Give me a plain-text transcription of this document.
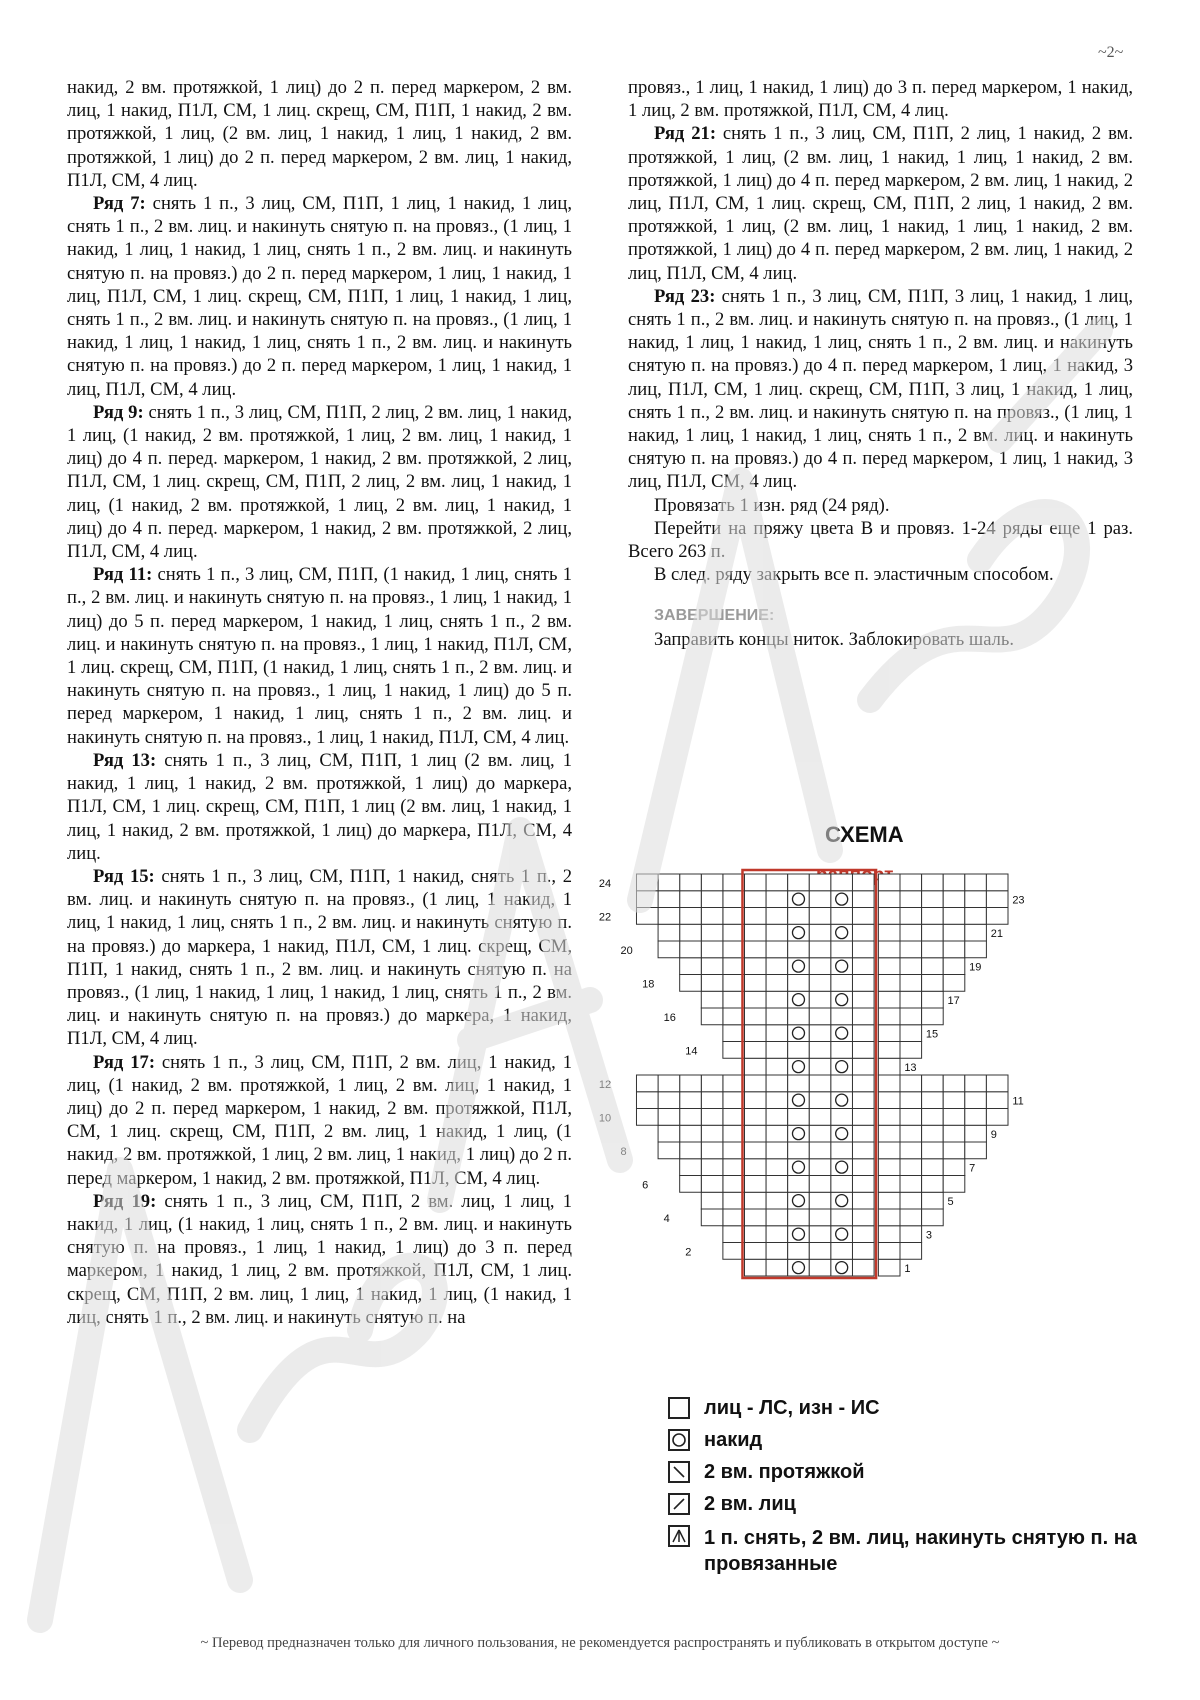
~2~

накид, 2 вм. протяжкой, 1 лиц) до 2 п. перед маркером, 2 вм. лиц, 1 накид, П1Л, СМ, 1 лиц. скрещ, СМ, П1П, 1 накид, 2 вм. протяжкой, 1 лиц, (2 вм. лиц, 1 накид, 1 лиц, 1 накид, 2 вм. протяжкой, 1 лиц) до 2 п. перед маркером, 2 вм. лиц, 1 накид, П1Л, СМ, 4 лиц.

Ряд 7: снять 1 п., 3 лиц, СМ, П1П, 1 лиц, 1 накид, 1 лиц, снять 1 п., 2 вм. лиц. и накинуть снятую п. на провяз., (1 лиц, 1 накид, 1 лиц, 1 накид, 1 лиц, снять 1 п., 2 вм. лиц. и накинуть снятую п. на провяз.) до 2 п. перед маркером, 1 лиц, 1 накид, 1 лиц, П1Л, СМ, 1 лиц. скрещ, СМ, П1П, 1 лиц, 1 накид, 1 лиц, снять 1 п., 2 вм. лиц. и накинуть снятую п. на провяз., (1 лиц, 1 накид, 1 лиц, 1 накид, 1 лиц, снять 1 п., 2 вм. лиц. и накинуть снятую п. на провяз.) до 2 п. перед маркером, 1 лиц, 1 накид, 1 лиц, П1Л, СМ, 4 лиц.

Ряд 9: снять 1 п., 3 лиц, СМ, П1П, 2 лиц, 2 вм. лиц, 1 накид, 1 лиц, (1 накид, 2 вм. протяжкой, 1 лиц, 2 вм. лиц, 1 накид, 1 лиц) до 4 п. перед. маркером, 1 накид, 2 вм. протяжкой, 2 лиц, П1Л, СМ, 1 лиц. скрещ, СМ, П1П, 2 лиц, 2 вм. лиц, 1 накид, 1 лиц, (1 накид, 2 вм. протяжкой, 1 лиц, 2 вм. лиц, 1 накид, 1 лиц) до 4 п. перед. маркером, 1 накид, 2 вм. протяжкой, 2 лиц, П1Л, СМ, 4 лиц.

Ряд 11: снять 1 п., 3 лиц, СМ, П1П, (1 накид, 1 лиц, снять 1 п., 2 вм. лиц. и накинуть снятую п. на провяз., 1 лиц, 1 накид, 1 лиц) до 5 п. перед маркером, 1 накид, 1 лиц, снять 1 п., 2 вм. лиц. и накинуть снятую п. на провяз., 1 лиц, 1 накид, П1Л, СМ, 1 лиц. скрещ, СМ, П1П, (1 накид, 1 лиц, снять 1 п., 2 вм. лиц. и накинуть снятую п. на провяз., 1 лиц, 1 накид, 1 лиц) до 5 п. перед маркером, 1 накид, 1 лиц, снять 1 п., 2 вм. лиц. и накинуть снятую п. на провяз., 1 лиц, 1 накид, П1Л, СМ, 4 лиц.

Ряд 13: снять 1 п., 3 лиц, СМ, П1П, 1 лиц (2 вм. лиц, 1 накид, 1 лиц, 1 накид, 2 вм. протяжкой, 1 лиц) до маркера, П1Л, СМ, 1 лиц. скрещ, СМ, П1П, 1 лиц (2 вм. лиц, 1 накид, 1 лиц, 1 накид, 2 вм. протяжкой, 1 лиц) до маркера, П1Л, СМ, 4 лиц.

Ряд 15: снять 1 п., 3 лиц, СМ, П1П, 1 накид, снять 1 п., 2 вм. лиц. и накинуть снятую п. на провяз., (1 лиц, 1 накид, 1 лиц, 1 накид, 1 лиц, снять 1 п., 2 вм. лиц. и накинуть снятую п. на провяз.) до маркера, 1 накид, П1Л, СМ, 1 лиц. скрещ, СМ, П1П, 1 накид, снять 1 п., 2 вм. лиц. и накинуть снятую п. на провяз., (1 лиц, 1 накид, 1 лиц, 1 накид, 1 лиц, снять 1 п., 2 вм. лиц. и накинуть снятую п. на провяз.) до маркера, 1 накид, П1Л, СМ, 4 лиц.

Ряд 17: снять 1 п., 3 лиц, СМ, П1П, 2 вм. лиц, 1 накид, 1 лиц, (1 накид, 2 вм. протяжкой, 1 лиц, 2 вм. лиц, 1 накид, 1 лиц) до 2 п. перед маркером, 1 накид, 2 вм. протяжкой, П1Л, СМ, 1 лиц. скрещ, СМ, П1П, 2 вм. лиц, 1 накид, 1 лиц, (1 накид, 2 вм. протяжкой, 1 лиц, 2 вм. лиц, 1 накид, 1 лиц) до 2 п. перед маркером, 1 накид, 2 вм. протяжкой, П1Л, СМ, 4 лиц.

Ряд 19: снять 1 п., 3 лиц, СМ, П1П, 2 вм. лиц, 1 лиц, 1 накид, 1 лиц, (1 накид, 1 лиц, снять 1 п., 2 вм. лиц. и накинуть снятую п. на провяз., 1 лиц, 1 накид, 1 лиц) до 3 п. перед маркером, 1 накид, 1 лиц, 2 вм. протяжкой, П1Л, СМ, 1 лиц. скрещ, СМ, П1П, 2 вм. лиц, 1 лиц, 1 накид, 1 лиц, (1 накид, 1 лиц, снять 1 п., 2 вм. лиц. и накинуть снятую п. на

провяз., 1 лиц, 1 накид, 1 лиц) до 3 п. перед маркером, 1 накид, 1 лиц, 2 вм. протяжкой, П1Л, СМ, 4 лиц.

Ряд 21: снять 1 п., 3 лиц, СМ, П1П, 2 лиц, 1 накид, 2 вм. протяжкой, 1 лиц, (2 вм. лиц, 1 накид, 1 лиц, 1 накид, 2 вм. протяжкой, 1 лиц) до 4 п. перед маркером, 2 вм. лиц, 1 накид, 2 лиц, П1Л, СМ, 1 лиц. скрещ, СМ, П1П, 2 лиц, 1 накид, 2 вм. протяжкой, 1 лиц, (2 вм. лиц, 1 накид, 1 лиц, 1 накид, 2 вм. протяжкой, 1 лиц) до 4 п. перед маркером, 2 вм. лиц, 1 накид, 2 лиц, П1Л, СМ, 4 лиц.

Ряд 23: снять 1 п., 3 лиц, СМ, П1П, 3 лиц, 1 накид, 1 лиц, снять 1 п., 2 вм. лиц. и накинуть снятую п. на провяз., (1 лиц, 1 накид, 1 лиц, 1 накид, 1 лиц, снять 1 п., 2 вм. лиц. и накинуть снятую п. на провяз.) до 4 п. перед маркером, 1 лиц, 1 накид, 3 лиц, П1Л, СМ, 1 лиц. скрещ, СМ, П1П, 3 лиц, 1 накид, 1 лиц, снять 1 п., 2 вм. лиц. и накинуть снятую п. на провяз., (1 лиц, 1 накид, 1 лиц, 1 накид, 1 лиц, снять 1 п., 2 вм. лиц. и накинуть снятую п. на провяз.) до 4 п. перед маркером, 1 лиц, 1 накид, 3 лиц, П1Л, СМ, 4 лиц.

Провязать 1 изн. ряд (24 ряд).

Перейти на пряжу цвета В и провяз. 1-24 ряды еще 1 раз. Всего 263 п.

В след. ряду закрыть все п. эластичным способом.

ЗАВЕРШЕНИЕ:

Заправить концы ниток. Заблокировать шаль.

СХЕМА
1
2
3
4
5
6
7
8
9
10
11
12
13
14
15
16
17
18
19
20
21
22
23
24
лиц - ЛС, изн - ИС
накид
2 вм. протяжкой
2 вм. лиц
1 п. снять, 2 вм. лиц, накинуть снятую п. на провязанные
~ Перевод предназначен только для личного пользования, не рекомендуется распространять и публиковать в открытом доступе ~
